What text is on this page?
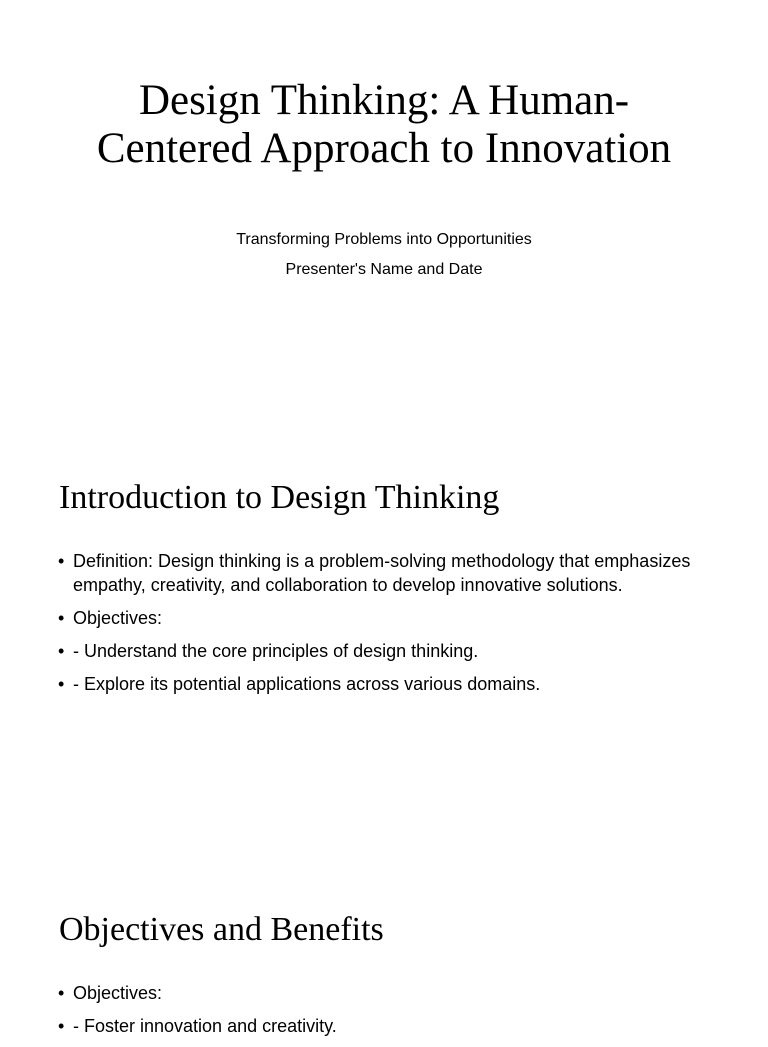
Design Thinking: A Human-Centered Approach to Innovation

Transforming Problems into Opportunities

Presenter's Name and Date

Introduction to Design Thinking
• Definition: Design thinking is a problem-solving methodology that emphasizes empathy, creativity, and collaboration to develop innovative solutions.
• Objectives:
• - Understand the core principles of design thinking.
• - Explore its potential applications across various domains.
Objectives and Benefits
• Objectives:
• - Foster innovation and creativity.
